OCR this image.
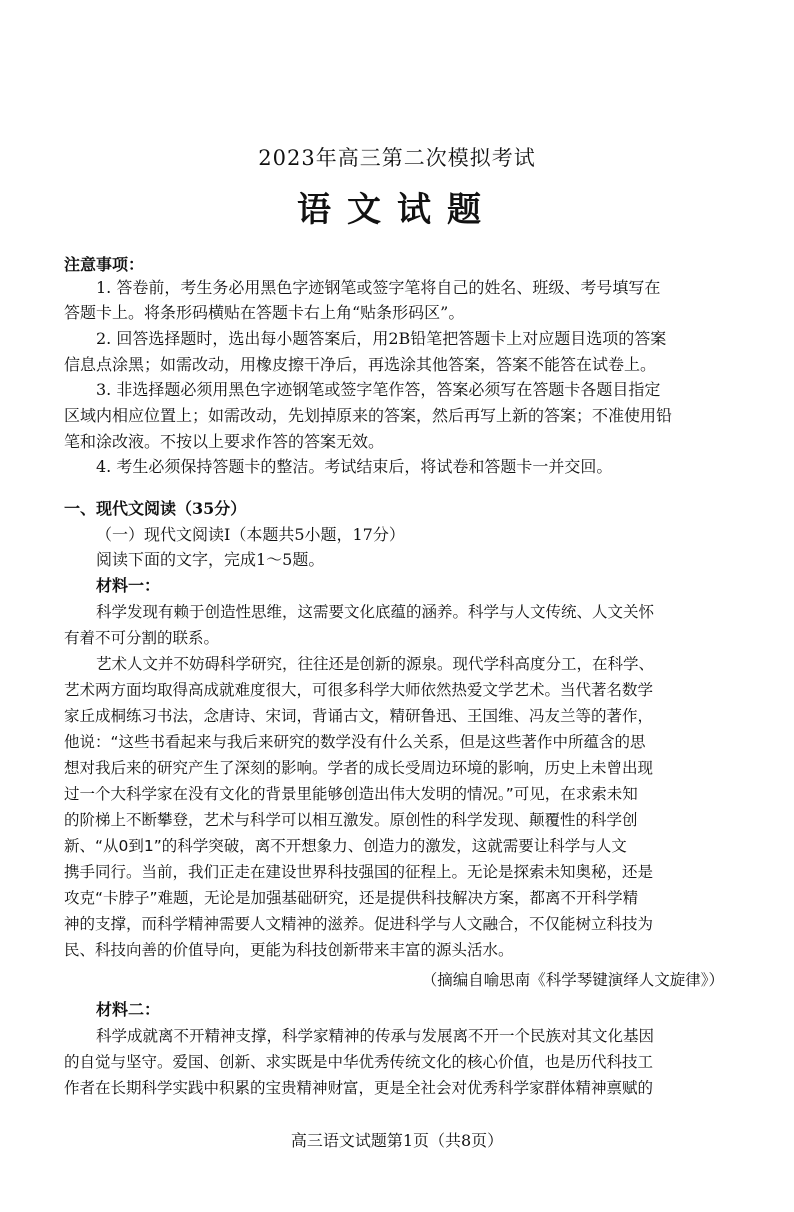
2023年高三第二次模拟考试
语文试题
注意事项：
1. 答卷前，考生务必用黑色字迹钢笔或签字笔将自己的姓名、班级、考号填写在
答题卡上。将条形码横贴在答题卡右上角“贴条形码区”。
2. 回答选择题时，选出每小题答案后，用2B铅笔把答题卡上对应题目选项的答案
信息点涂黑；如需改动，用橡皮擦干净后，再选涂其他答案，答案不能答在试卷上。
3. 非选择题必须用黑色字迹钢笔或签字笔作答，答案必须写在答题卡各题目指定
区域内相应位置上；如需改动，先划掉原来的答案，然后再写上新的答案；不准使用铅
笔和涂改液。不按以上要求作答的答案无效。
4. 考生必须保持答题卡的整洁。考试结束后，将试卷和答题卡一并交回。
一、现代文阅读（35分）
（一）现代文阅读Ⅰ（本题共5小题，17分）
阅读下面的文字，完成1～5题。
材料一：
科学发现有赖于创造性思维，这需要文化底蕴的涵养。科学与人文传统、人文关怀
有着不可分割的联系。
艺术人文并不妨碍科学研究，往往还是创新的源泉。现代学科高度分工，在科学、
艺术两方面均取得高成就难度很大，可很多科学大师依然热爱文学艺术。当代著名数学
家丘成桐练习书法，念唐诗、宋词，背诵古文，精研鲁迅、王国维、冯友兰等的著作，
他说：“这些书看起来与我后来研究的数学没有什么关系，但是这些著作中所蕴含的思
想对我后来的研究产生了深刻的影响。学者的成长受周边环境的影响，历史上未曾出现
过一个大科学家在没有文化的背景里能够创造出伟大发明的情况。”可见，在求索未知
的阶梯上不断攀登，艺术与科学可以相互激发。原创性的科学发现、颠覆性的科学创
新、“从0到1”的科学突破，离不开想象力、创造力的激发，这就需要让科学与人文
携手同行。当前，我们正走在建设世界科技强国的征程上。无论是探索未知奥秘，还是
攻克“卡脖子”难题，无论是加强基础研究，还是提供科技解决方案，都离不开科学精
神的支撑，而科学精神需要人文精神的滋养。促进科学与人文融合，不仅能树立科技为
民、科技向善的价值导向，更能为科技创新带来丰富的源头活水。
（摘编自喻思南《科学琴键演绎人文旋律》）
材料二：
科学成就离不开精神支撑，科学家精神的传承与发展离不开一个民族对其文化基因
的自觉与坚守。爱国、创新、求实既是中华优秀传统文化的核心价值，也是历代科技工
作者在长期科学实践中积累的宝贵精神财富，更是全社会对优秀科学家群体精神禀赋的
高三语文试题第1页（共8页）
